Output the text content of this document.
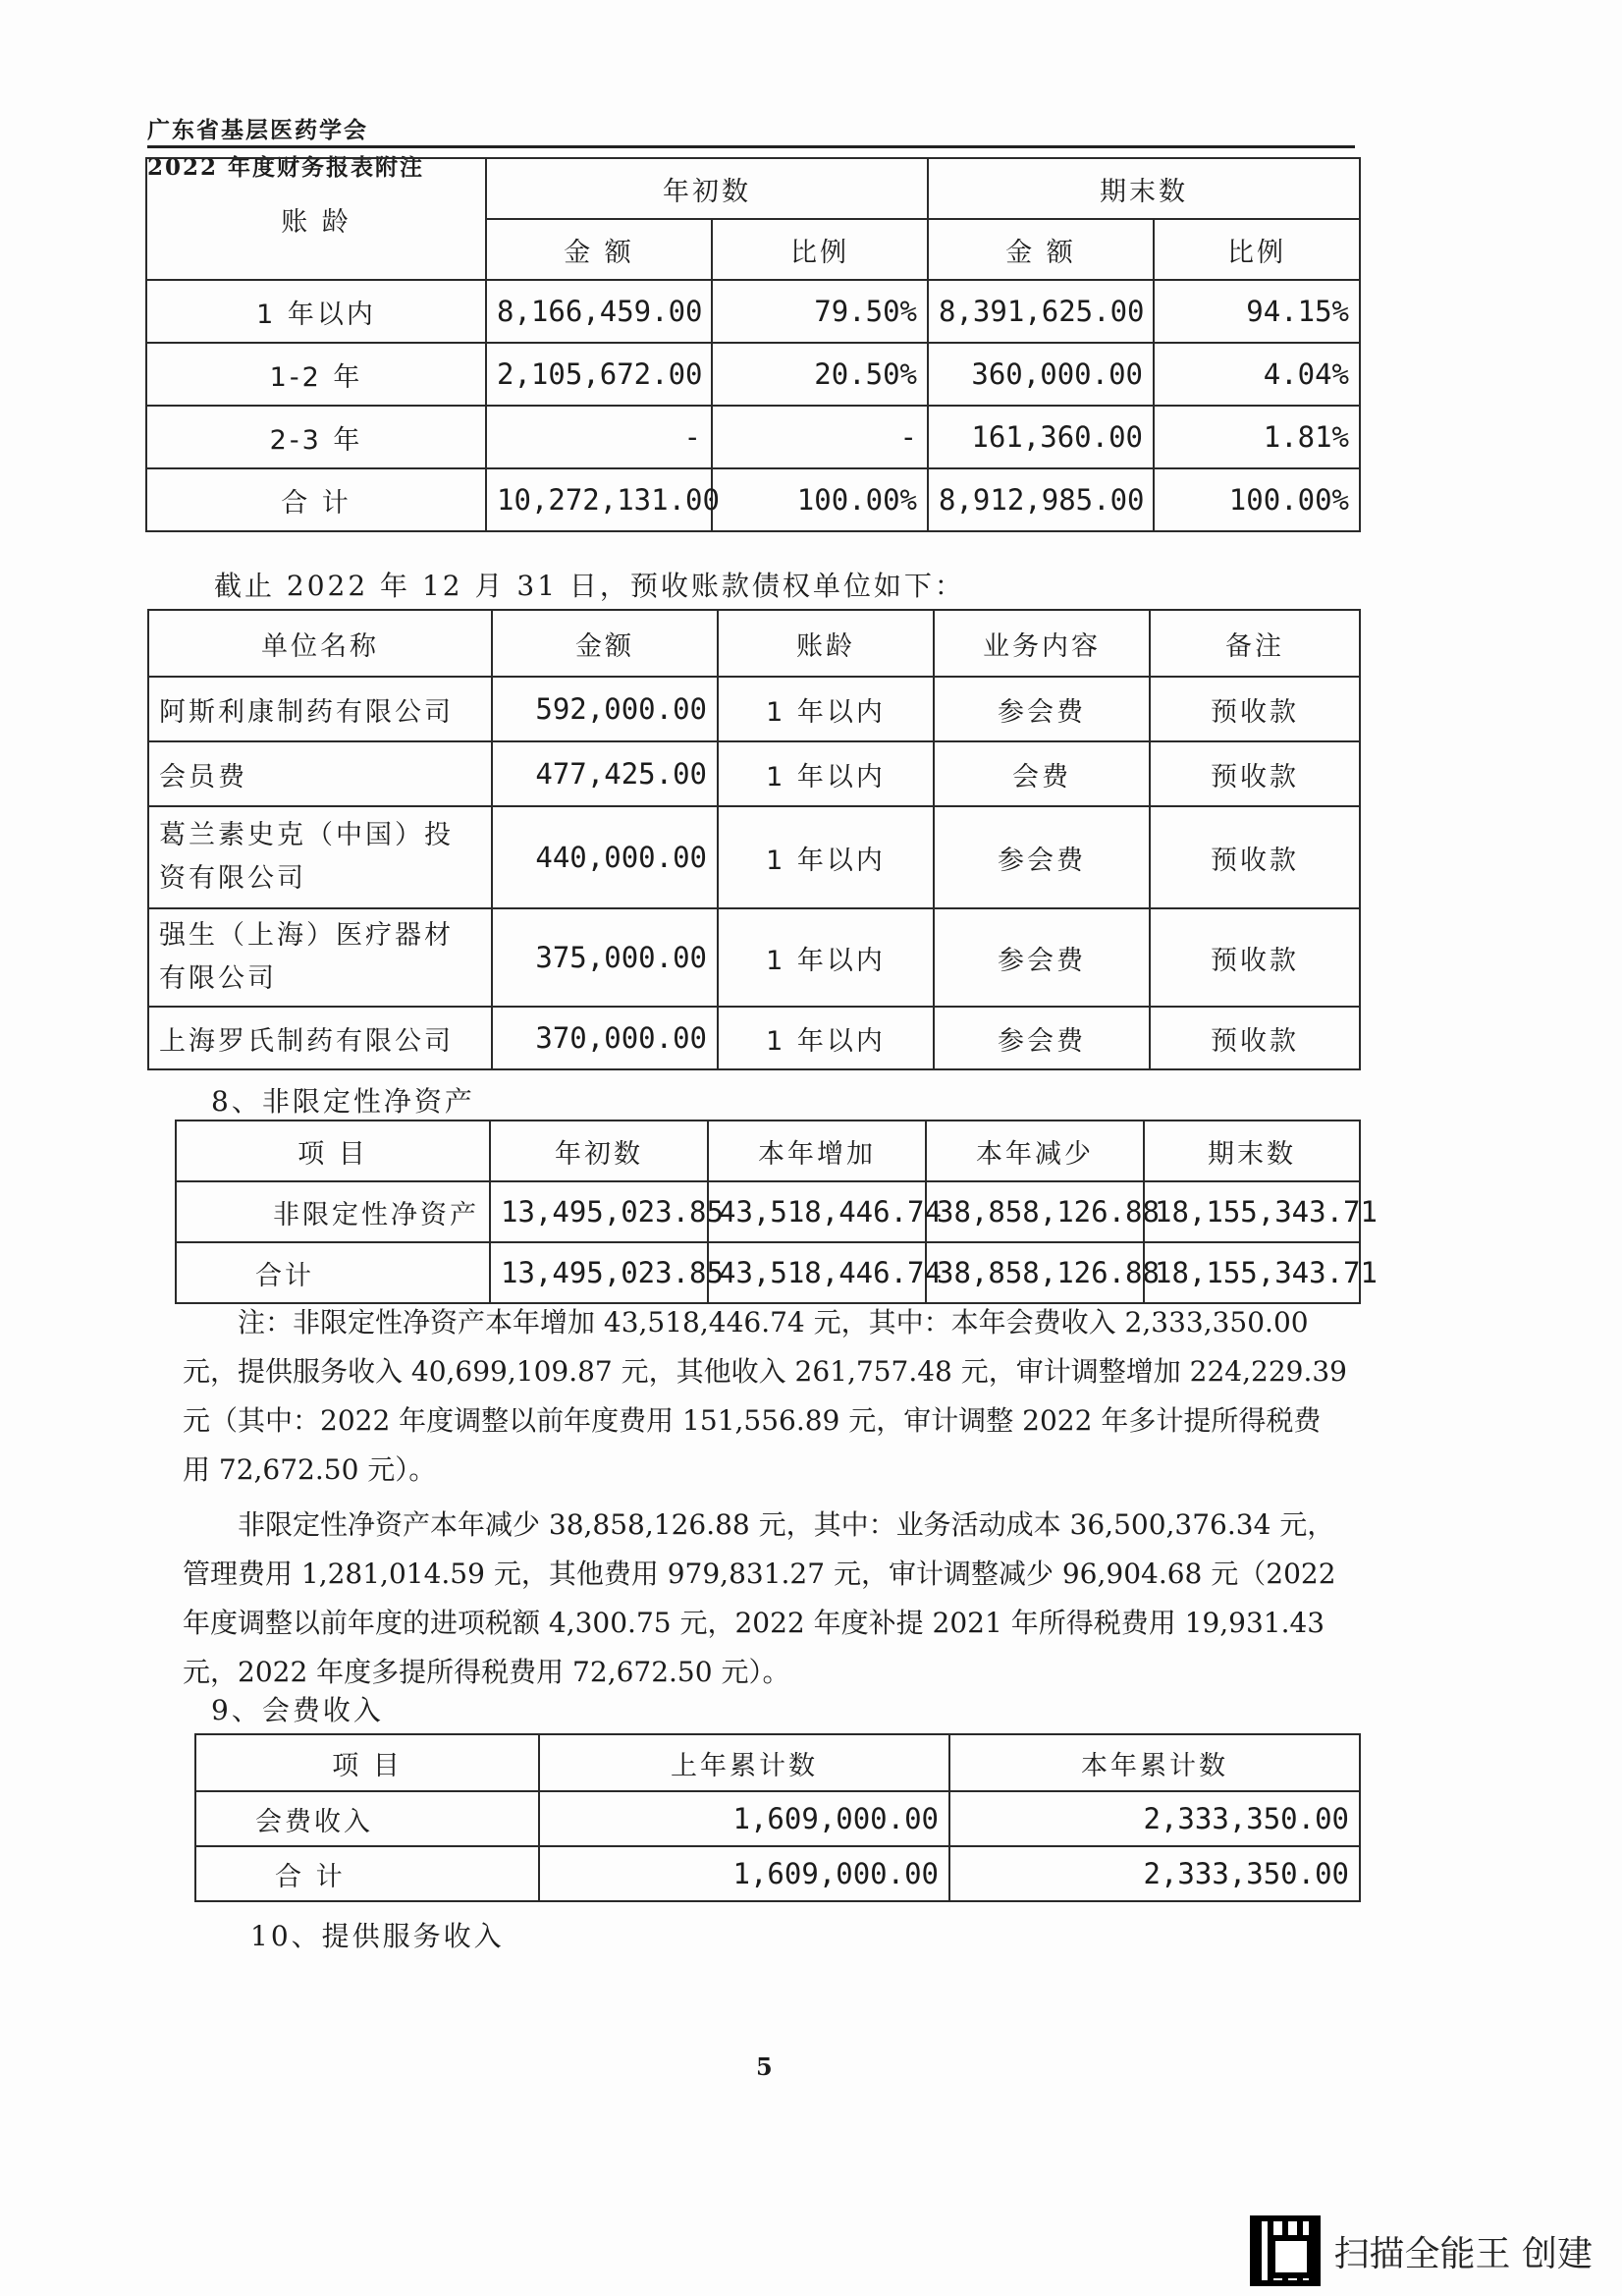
广东省基层医药学会
2022 年度财务报表附注
账 龄	年初数		期末数	
	金 额	比例	金 额	比例
1 年以内	8,166,459.00	79.50%	8,391,625.00	94.15%
1-2 年	2,105,672.00	20.50%	360,000.00	4.04%
2-3 年	-	-	161,360.00	1.81%
合 计	10,272,131.00	100.00%	8,912,985.00	100.00%
截止 2022 年 12 月 31 日，预收账款债权单位如下：
单位名称	金额	账龄	业务内容	备注
阿斯利康制药有限公司	592,000.00	1 年以内	参会费	预收款
会员费	477,425.00	1 年以内	会费	预收款
葛兰素史克（中国）投资有限公司	440,000.00	1 年以内	参会费	预收款
强生（上海）医疗器材有限公司	375,000.00	1 年以内	参会费	预收款
上海罗氏制药有限公司	370,000.00	1 年以内	参会费	预收款
8、非限定性净资产
项 目	年初数	本年增加	本年减少	期末数
非限定性净资产	13,495,023.85	43,518,446.74	38,858,126.88	18,155,343.71
合计	13,495,023.85	43,518,446.74	38,858,126.88	18,155,343.71

注：非限定性净资产本年增加 43,518,446.74 元，其中：本年会费收入 2,333,350.00 元，提供服务收入 40,699,109.87 元，其他收入 261,757.48 元，审计调整增加 224,229.39 元（其中：2022 年度调整以前年度费用 151,556.89 元，审计调整 2022 年多计提所得税费用 72,672.50 元）。

非限定性净资产本年减少 38,858,126.88 元，其中：业务活动成本 36,500,376.34 元，管理费用 1,281,014.59 元，其他费用 979,831.27 元，审计调整减少 96,904.68 元（2022 年度调整以前年度的进项税额 4,300.75 元，2022 年度补提 2021 年所得税费用 19,931.43 元，2022 年度多提所得税费用 72,672.50 元）。

9、会费收入
项 目	上年累计数	本年累计数
会费收入	1,609,000.00	2,333,350.00
合 计	1,609,000.00	2,333,350.00
10、提供服务收入
5
扫描全能王 创建
